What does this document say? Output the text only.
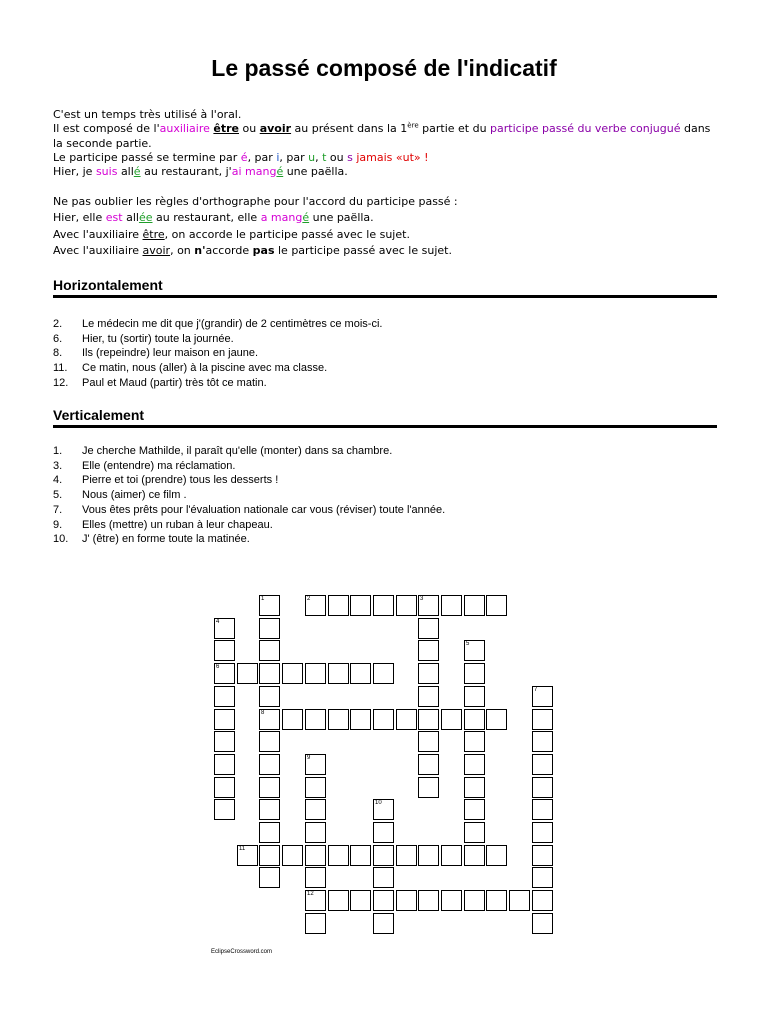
Le passé composé de l'indicatif

C'est un temps très utilisé à l'oral.

Il est composé de l'auxiliaire être ou avoir au présent dans la 1ère partie et du participe passé du verbe conjugué dans la seconde partie.

Le participe passé se termine par é, par i, par u, t ou s jamais «ut» !

Hier, je suis allé au restaurant, j'ai mangé une paëlla.

Ne pas oublier les règles d'orthographe pour l'accord du participe passé :

Hier, elle est allée au restaurant, elle a mangé une paëlla.

Avec l'auxiliaire être, on accorde le participe passé avec le sujet.

Avec l'auxiliaire avoir, on n'accorde pas le participe passé avec le sujet.

Horizontalement
2.	Le médecin me dit que j'(grandir) de 2 centimètres ce mois-ci.
6.	Hier, tu (sortir) toute la journée.
8.	Ils (repeindre) leur maison en jaune.
11.	Ce matin, nous (aller) à la piscine avec ma classe.
12.	Paul et Maud (partir) très tôt ce matin.
Verticalement
1.	Je cherche Mathilde, il paraît qu'elle (monter) dans sa chambre.
3.	Elle (entendre) ma réclamation.
4.	Pierre et toi (prendre) tous les desserts !
5.	Nous (aimer) ce film .
7.	Vous êtes prêts pour l'évaluation nationale car vous (réviser) toute l'année.
9.	Elles (mettre) un ruban à leur chapeau.
10.	J' (être) en forme toute la matinée.
1
8
2	3
4
6
5
7
9
12
10
11
EclipseCrossword.com
